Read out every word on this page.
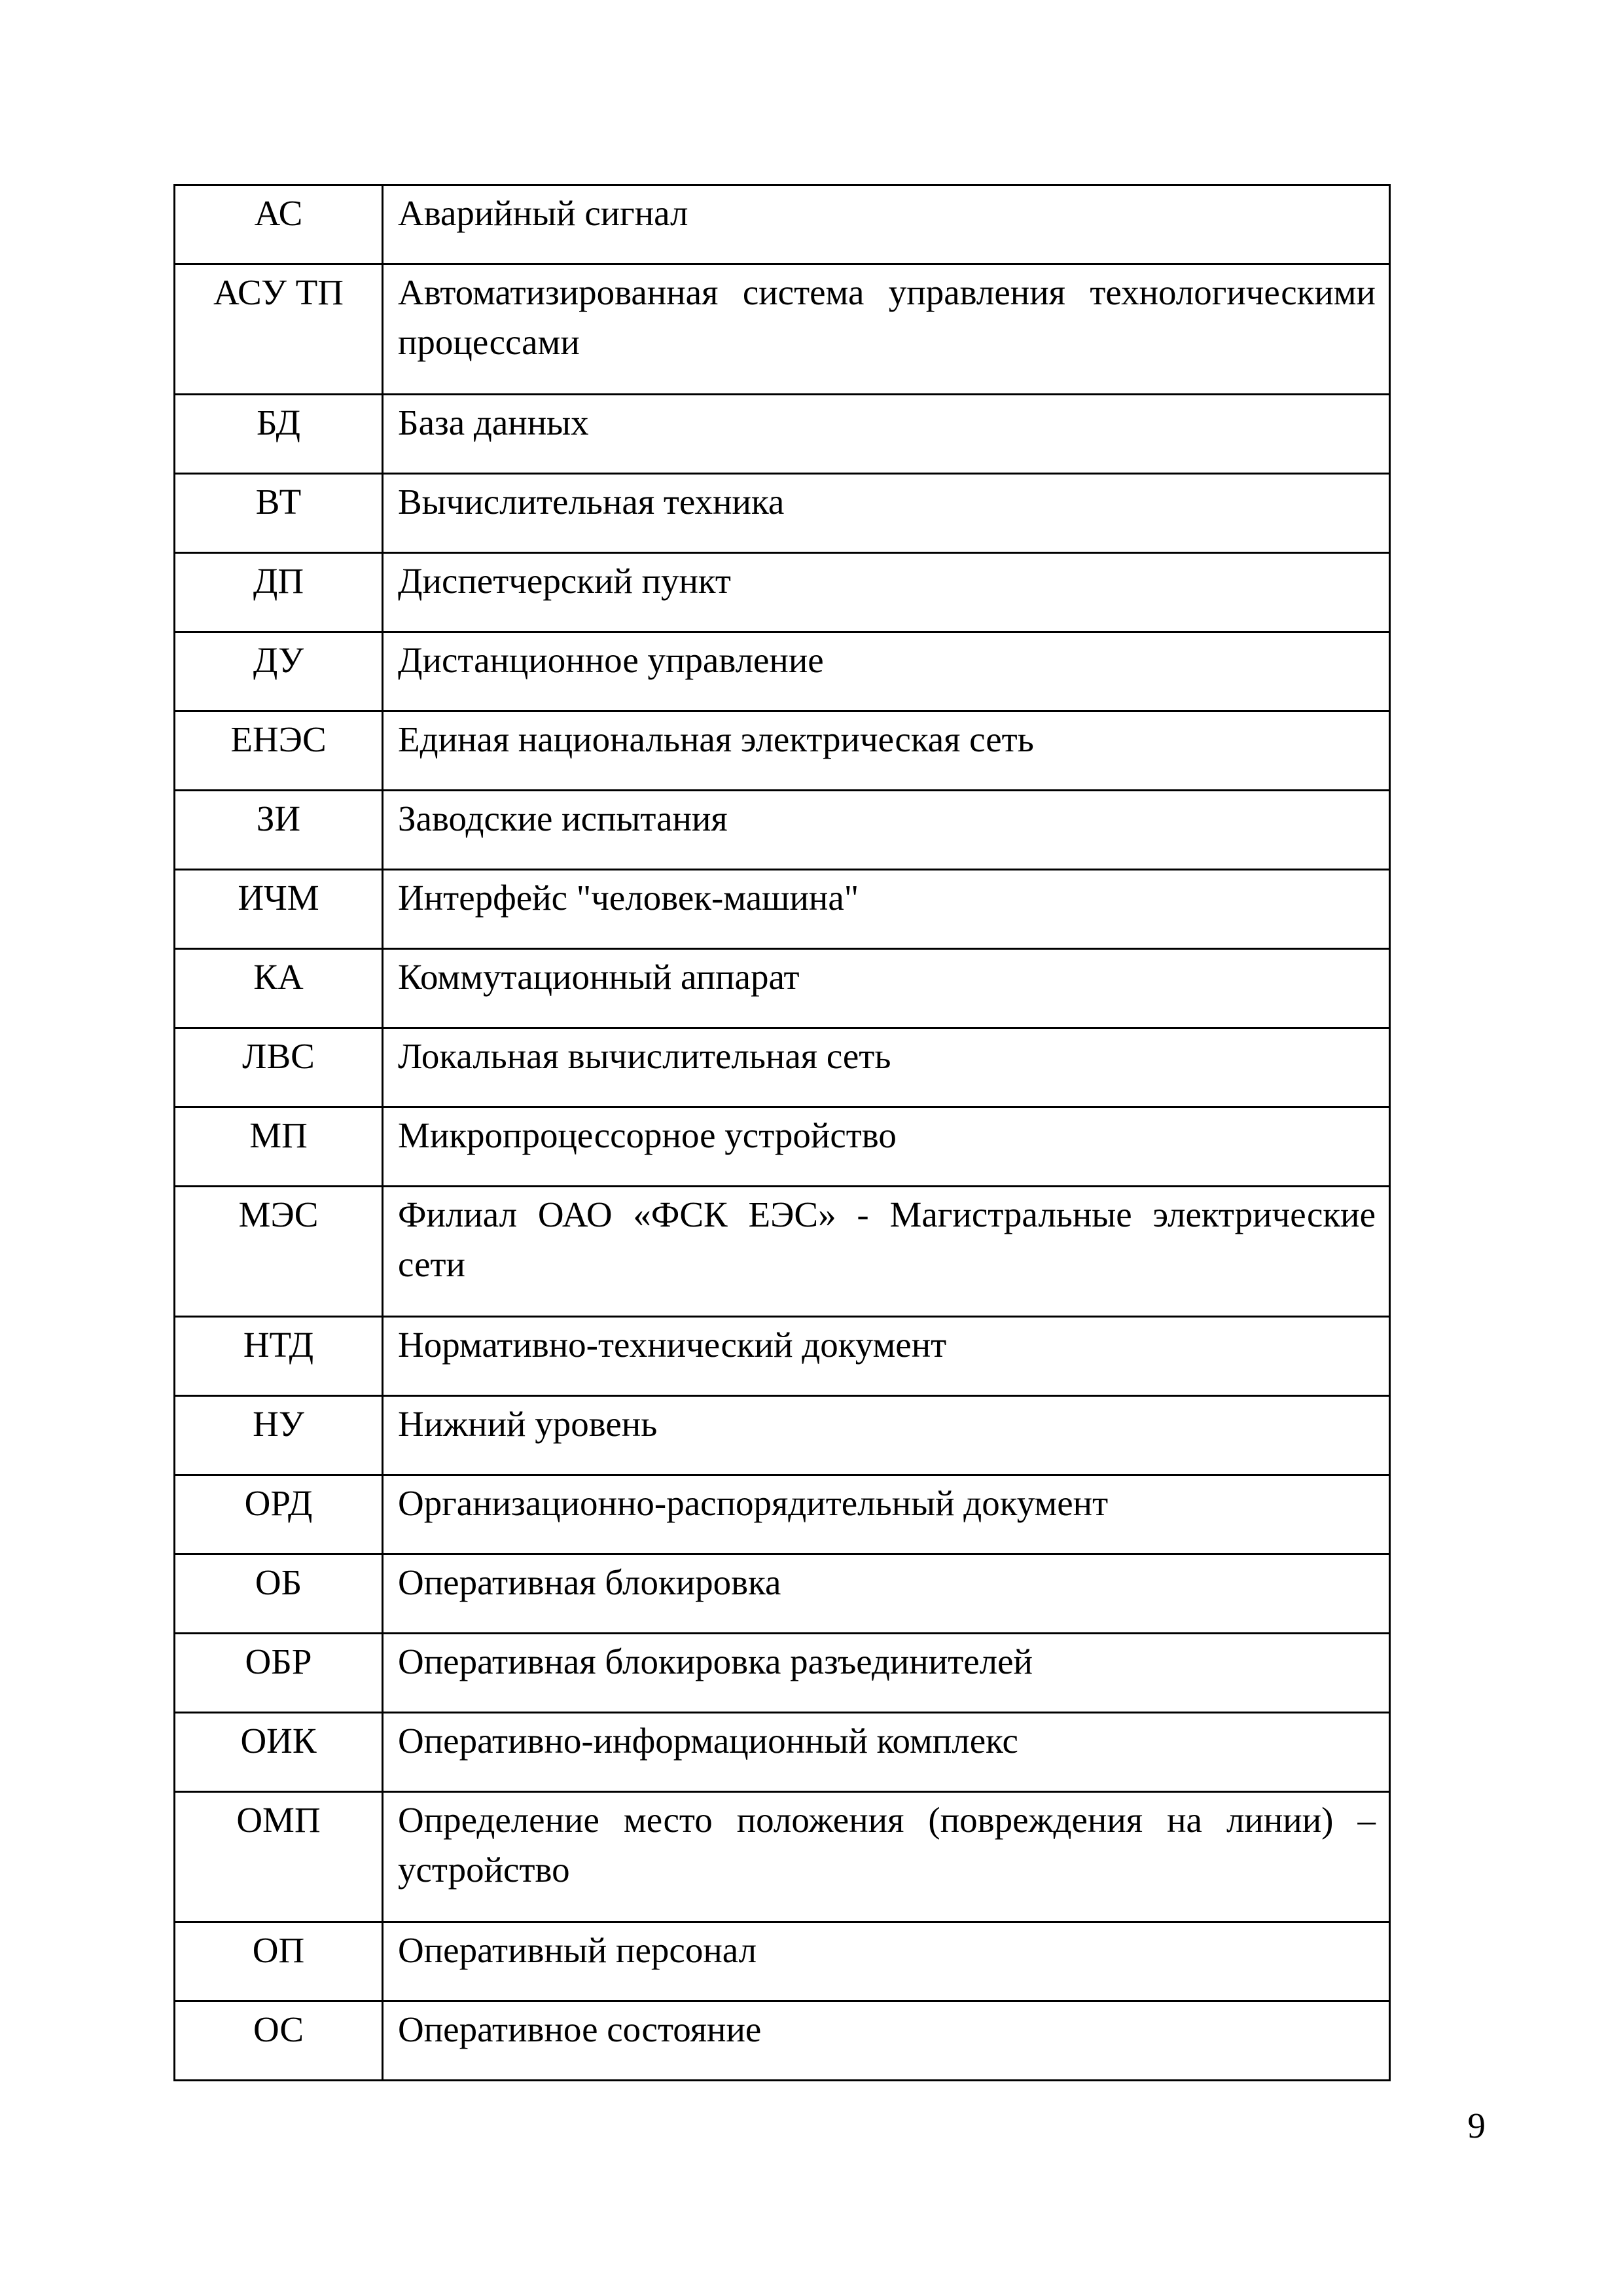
АС	Аварийный сигнал
АСУ ТП	Автоматизированная система управления технологическими процессами
БД	База данных
ВТ	Вычислительная техника
ДП	Диспетчерский пункт
ДУ	Дистанционное управление
ЕНЭС	Единая национальная электрическая сеть
ЗИ	Заводские испытания
ИЧМ	Интерфейс "человек-машина"
КА	Коммутационный аппарат
ЛВС	Локальная вычислительная сеть
МП	Микропроцессорное устройство
МЭС	Филиал ОАО «ФСК ЕЭС» - Магистральные электрические сети
НТД	Нормативно-технический документ
НУ	Нижний уровень
ОРД	Организационно-распорядительный документ
ОБ	Оперативная блокировка
ОБР	Оперативная блокировка разъединителей
ОИК	Оперативно-информационный комплекс
ОМП	Определение место положения (повреждения на линии) – устройство
ОП	Оперативный персонал
ОС	Оперативное состояние
9
